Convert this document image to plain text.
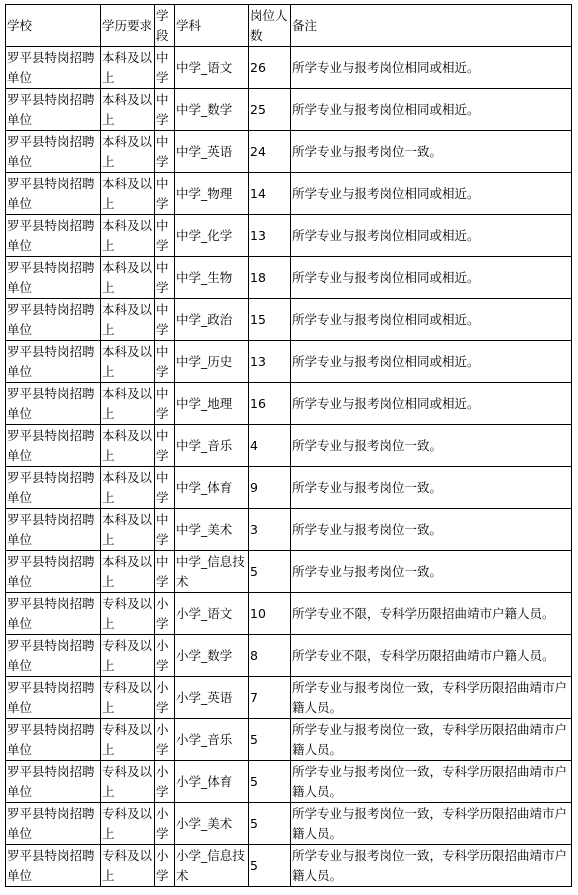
学校	学历要求	学段	学科	岗位人数	备注
罗平县特岗招聘单位	本科及以上	中学	中学_语文	26	所学专业与报考岗位相同或相近。
罗平县特岗招聘单位	本科及以上	中学	中学_数学	25	所学专业与报考岗位相同或相近。
罗平县特岗招聘单位	本科及以上	中学	中学_英语	24	所学专业与报考岗位一致。
罗平县特岗招聘单位	本科及以上	中学	中学_物理	14	所学专业与报考岗位相同或相近。
罗平县特岗招聘单位	本科及以上	中学	中学_化学	13	所学专业与报考岗位相同或相近。
罗平县特岗招聘单位	本科及以上	中学	中学_生物	18	所学专业与报考岗位相同或相近。
罗平县特岗招聘单位	本科及以上	中学	中学_政治	15	所学专业与报考岗位相同或相近。
罗平县特岗招聘单位	本科及以上	中学	中学_历史	13	所学专业与报考岗位相同或相近。
罗平县特岗招聘单位	本科及以上	中学	中学_地理	16	所学专业与报考岗位相同或相近。
罗平县特岗招聘单位	本科及以上	中学	中学_音乐	4	所学专业与报考岗位一致。
罗平县特岗招聘单位	本科及以上	中学	中学_体育	9	所学专业与报考岗位一致。
罗平县特岗招聘单位	本科及以上	中学	中学_美术	3	所学专业与报考岗位一致。
罗平县特岗招聘单位	本科及以上	中学	中学_信息技术	5	所学专业与报考岗位一致。
罗平县特岗招聘单位	专科及以上	小学	小学_语文	10	所学专业不限，专科学历限招曲靖市户籍人员。
罗平县特岗招聘单位	专科及以上	小学	小学_数学	8	所学专业不限，专科学历限招曲靖市户籍人员。
罗平县特岗招聘单位	专科及以上	小学	小学_英语	7	所学专业与报考岗位一致，专科学历限招曲靖市户籍人员。
罗平县特岗招聘单位	专科及以上	小学	小学_音乐	5	所学专业与报考岗位一致，专科学历限招曲靖市户籍人员。
罗平县特岗招聘单位	专科及以上	小学	小学_体育	5	所学专业与报考岗位一致，专科学历限招曲靖市户籍人员。
罗平县特岗招聘单位	专科及以上	小学	小学_美术	5	所学专业与报考岗位一致，专科学历限招曲靖市户籍人员。
罗平县特岗招聘单位	专科及以上	小学	小学_信息技术	5	所学专业与报考岗位一致，专科学历限招曲靖市户籍人员。
